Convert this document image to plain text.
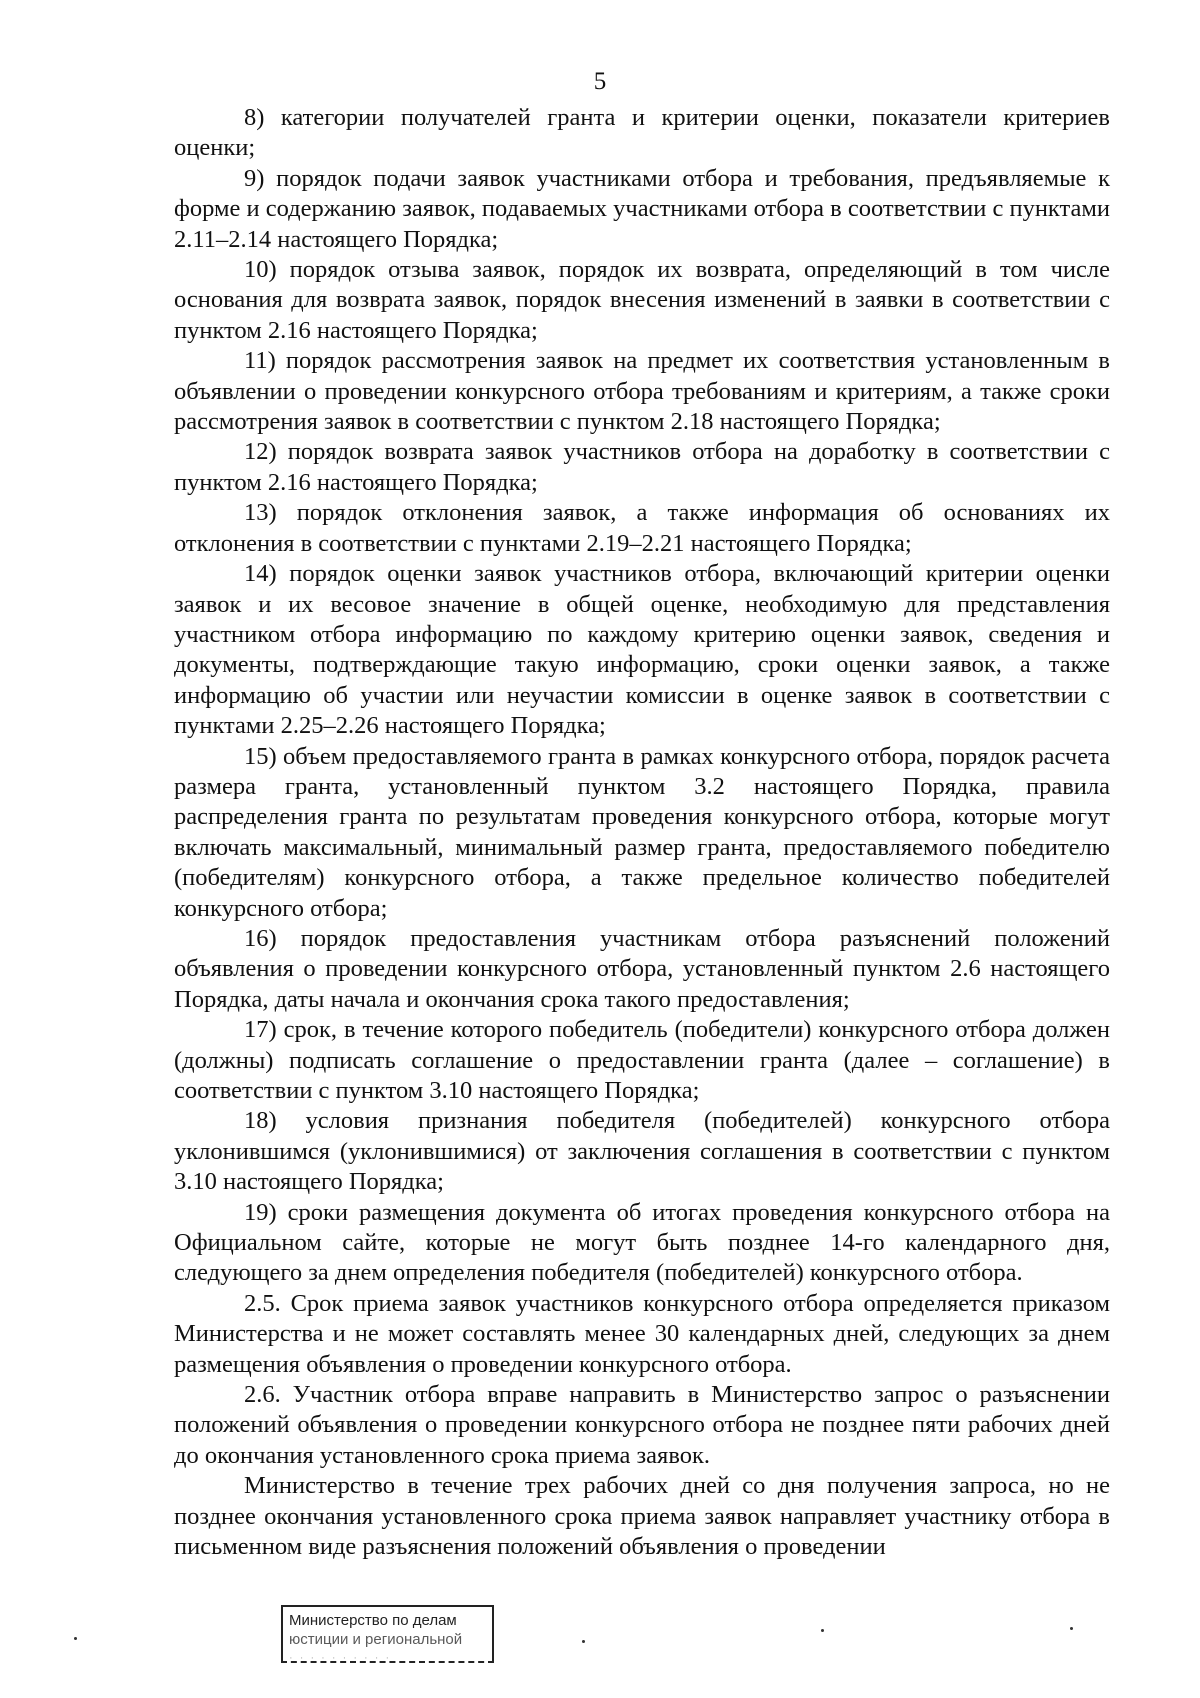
5

8) категории получателей гранта и критерии оценки, показатели критериев оценки;

9) порядок подачи заявок участниками отбора и требования, предъявляемые к форме и содержанию заявок, подаваемых участниками отбора в соответствии с пунктами 2.11–2.14 настоящего Порядка;

10) порядок отзыва заявок, порядок их возврата, определяющий в том числе основания для возврата заявок, порядок внесения изменений в заявки в соответствии с пунктом 2.16 настоящего Порядка;

11) порядок рассмотрения заявок на предмет их соответствия установленным в объявлении о проведении конкурсного отбора требованиям и критериям, а также сроки рассмотрения заявок в соответствии с пунктом 2.18 настоящего Порядка;

12) порядок возврата заявок участников отбора на доработку в соответствии с пунктом 2.16 настоящего Порядка;

13) порядок отклонения заявок, а также информация об основаниях их отклонения в соответствии с пунктами 2.19–2.21 настоящего Порядка;

14) порядок оценки заявок участников отбора, включающий критерии оценки заявок и их весовое значение в общей оценке, необходимую для представления участником отбора информацию по каждому критерию оценки заявок, сведения и документы, подтверждающие такую информацию, сроки оценки заявок, а также информацию об участии или неучастии комиссии в оценке заявок в соответствии с пунктами 2.25–2.26 настоящего Порядка;

15) объем предоставляемого гранта в рамках конкурсного отбора, порядок расчета размера гранта, установленный пунктом 3.2 настоящего Порядка, правила распределения гранта по результатам проведения конкурсного отбора, которые могут включать максимальный, минимальный размер гранта, предоставляемого победителю (победителям) конкурсного отбора, а также предельное количество победителей конкурсного отбора;

16) порядок предоставления участникам отбора разъяснений положений объявления о проведении конкурсного отбора, установленный пунктом 2.6 настоящего Порядка, даты начала и окончания срока такого предоставления;

17) срок, в течение которого победитель (победители) конкурсного отбора должен (должны) подписать соглашение о предоставлении гранта (далее – соглашение) в соответствии с пунктом 3.10 настоящего Порядка;

18) условия признания победителя (победителей) конкурсного отбора уклонившимся (уклонившимися) от заключения соглашения в соответствии с пунктом 3.10 настоящего Порядка;

19) сроки размещения документа об итогах проведения конкурсного отбора на Официальном сайте, которые не могут быть позднее 14-го календарного дня, следующего за днем определения победителя (победителей) конкурсного отбора.

2.5. Срок приема заявок участников конкурсного отбора определяется приказом Министерства и не может составлять менее 30 календарных дней, следующих за днем размещения объявления о проведении конкурсного отбора.

2.6. Участник отбора вправе направить в Министерство запрос о разъяснении положений объявления о проведении конкурсного отбора не позднее пяти рабочих дней до окончания установленного срока приема заявок.

Министерство в течение трех рабочих дней со дня получения запроса, но не позднее окончания установленного срока приема заявок направляет участнику отбора в письменном виде разъяснения положений объявления о проведении

Министерство по делам
юстиции и региональной
· · · · · · · · · ·
